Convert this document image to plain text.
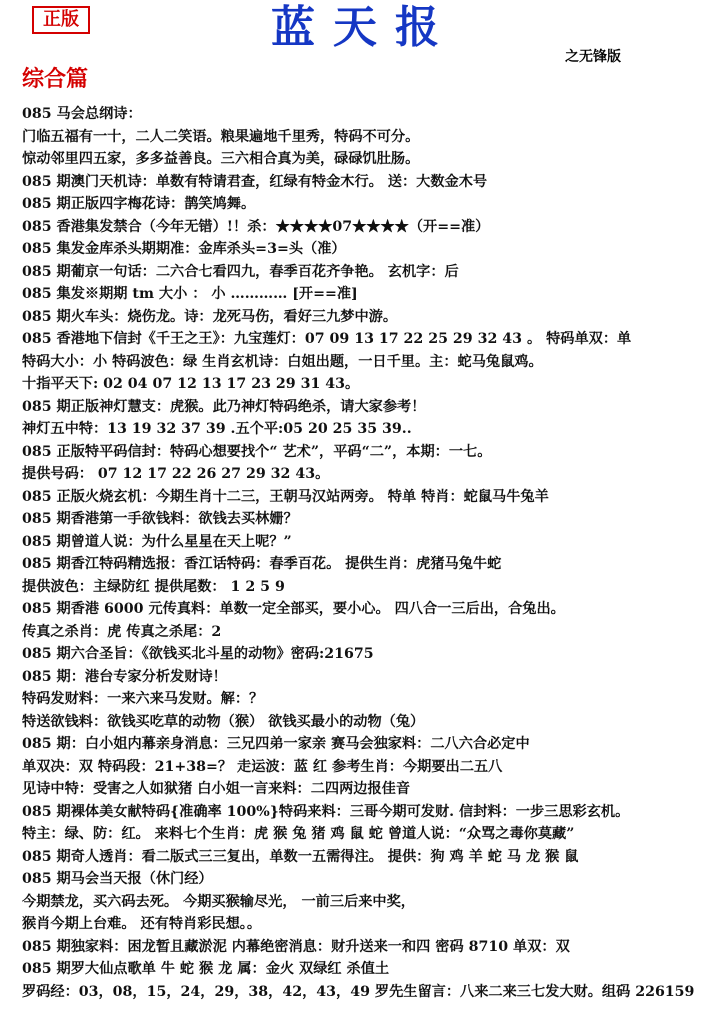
正版	蓝天报
之无锋版
综合篇
085 马会总纲诗：
门临五福有一十，二人二笑语。粮果遍地千里秀，特码不可分。
惊动邻里四五家，多多益善良。三六相合真为美，碌碌饥肚肠。
085 期澳门天机诗：单数有特请君查，红绿有特金木行。 送：大数金木号
085 期正版四字梅花诗：鹊笑鸠舞。
085 香港集发禁合（今年无错）!！杀：★★★★07★★★★（开==准）
085 集发金库杀头期期准：金库杀头=3=头（准）
085 期葡京一句话：二六合七看四九，春季百花齐争艳。 玄机字：后
085 集发※期期 tm 大小 ： 小 ………… [开==准]
085 期火车头：烧伤龙。诗：龙死马伤，看好三九梦中游。
085 香港地下信封《千王之王》：九宝莲灯：07 09 13 17 22 25 29 32 43 。 特码单双：单
特码大小：小 特码波色：绿 生肖玄机诗：白姐出题，一日千里。主：蛇马兔鼠鸡。
十指平天下: 02 04 07 12 13 17 23 29 31 43。
085 期正版神灯慧支：虎猴。此乃神灯特码绝杀，请大家参考！
神灯五中特：13 19 32 37 39 .五个平:05 20 25 35 39..
085 正版特平码信封：特码心想要找个“ 艺术”，平码“二”，本期：一七。
提供号码： 07 12 17 22 26 27 29 32 43。
085 正版火烧玄机：今期生肖十二三，王朝马汉站两旁。 特单 特肖：蛇鼠马牛兔羊
085 期香港第一手欲钱料：欲钱去买林姗？
085 期曾道人说：为什么星星在天上呢？”
085 期香江特码精选报：香江话特码：春季百花。 提供生肖：虎猪马兔牛蛇
提供波色：主绿防红 提供尾数： 1 2 5 9
085 期香港 6000 元传真料：单数一定全部买，要小心。 四八合一三后出，合兔出。
传真之杀肖：虎 传真之杀尾：2
085 期六合圣旨：《欲钱买北斗星的动物》密码:21675
085 期：港台专家分析发财诗！
特码发财料：一来六来马发财。解：？
特送欲钱料：欲钱买吃草的动物（猴） 欲钱买最小的动物（兔）
085 期：白小姐内幕亲身消息：三兄四弟一家亲 赛马会独家料：二八六合必定中
单双决：双 特码段：21+38=？ 走运波：蓝 红 参考生肖：今期要出二五八
见诗中特：受害之人如狱猪 白小姐一言来料：二四两边报佳音
085 期裸体美女献特码{准确率 100%}特码来料：三哥今期可发财. 信封料：一步三思彩玄机。
特主：绿、防：红。 来料七个生肖：虎 猴 兔 猪 鸡 鼠 蛇 曾道人说：“众骂之毒你莫藏”
085 期奇人透肖：看二版式三三复出，单数一五需得注。 提供：狗 鸡 羊 蛇 马 龙 猴 鼠
085 期马会当天报（休门经）
今期禁龙，买六码去死。 今期买猴输尽光， 一前三后来中奖，
猴肖今期上台难。 还有特肖彩民想。。
085 期独家料：困龙暂且藏淤泥 内幕绝密消息：财升送来一和四 密码 8710 单双：双
085 期罗大仙点歌单 牛 蛇 猴 龙 属：金火 双绿红 杀值土
罗码经：03，08，15，24，29，38，42，43，49 罗先生留言：八来二来三七发大财。组码 226159
